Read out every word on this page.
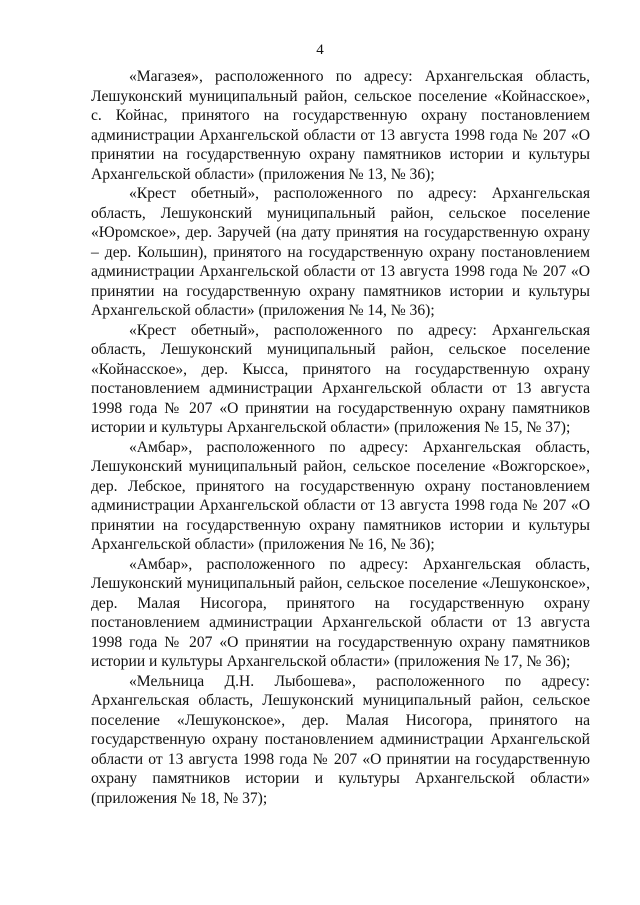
4

«Магазея», расположенного по адресу: Архангельская область, Лешуконский муниципальный район, сельское поселение «Койнасское», с. Койнас, принятого на государственную охрану постановлением администрации Архангельской области от 13 августа 1998 года № 207 «О принятии на государственную охрану памятников истории и культуры Архангельской области» (приложения № 13, № 36);

«Крест обетный», расположенного по адресу: Архангельская область, Лешуконский муниципальный район, сельское поселение «Юромское», дер. Заручей (на дату принятия на государственную охрану – дер. Кольшин), принятого на государственную охрану постановлением администрации Архангельской области от 13 августа 1998 года № 207 «О принятии на государственную охрану памятников истории и культуры Архангельской области» (приложения № 14, № 36);

«Крест обетный», расположенного по адресу: Архангельская область, Лешуконский муниципальный район, сельское поселение «Койнасское», дер. Кысса, принятого на государственную охрану постановлением администрации Архангельской области от 13 августа 1998 года № 207 «О принятии на государственную охрану памятников истории и культуры Архангельской области» (приложения № 15, № 37);

«Амбар», расположенного по адресу: Архангельская область, Лешуконский муниципальный район, сельское поселение «Вожгорское», дер. Лебское, принятого на государственную охрану постановлением администрации Архангельской области от 13 августа 1998 года № 207 «О принятии на государственную охрану памятников истории и культуры Архангельской области» (приложения № 16, № 36);

«Амбар», расположенного по адресу: Архангельская область, Лешуконский муниципальный район, сельское поселение «Лешуконское», дер. Малая Нисогора, принятого на государственную охрану постановлением администрации Архангельской области от 13 августа 1998 года № 207 «О принятии на государственную охрану памятников истории и культуры Архангельской области» (приложения № 17, № 36);

«Мельница Д.Н. Лыбошева», расположенного по адресу: Архангельская область, Лешуконский муниципальный район, сельское поселение «Лешуконское», дер. Малая Нисогора, принятого на государственную охрану постановлением администрации Архангельской области от 13 августа 1998 года № 207 «О принятии на государственную охрану памятников истории и культуры Архангельской области» (приложения № 18, № 37);
